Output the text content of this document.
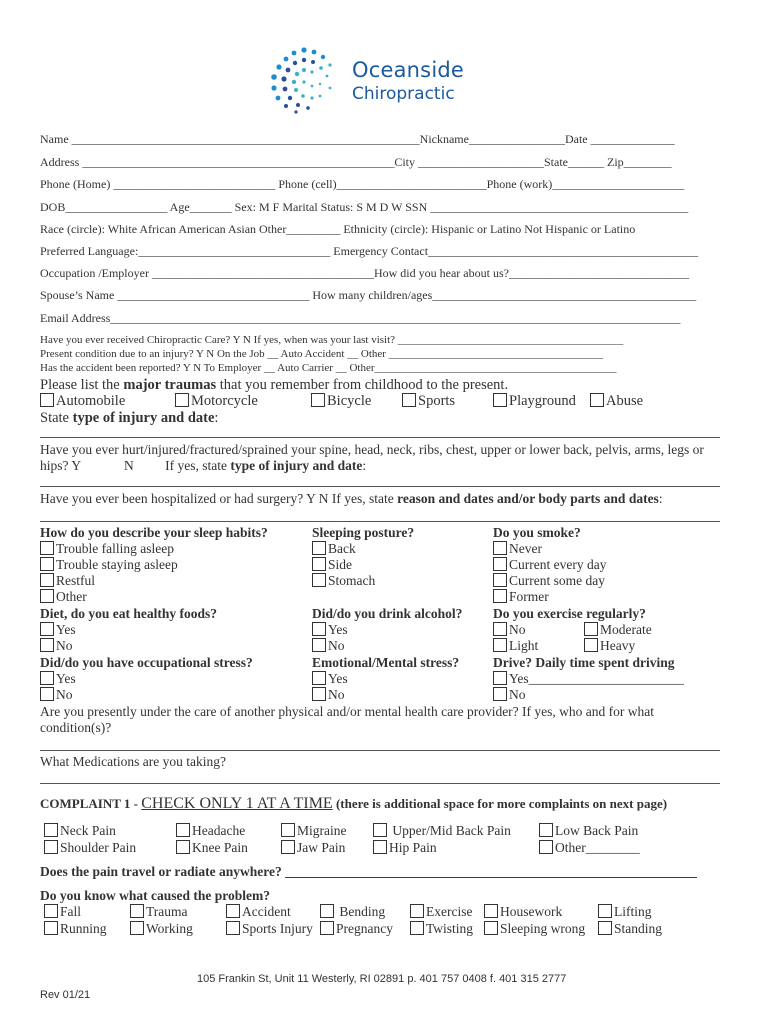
Oceanside
Chiropractic
Name __________________________________________________________Nickname________________Date ______________
Address ____________________________________________________City _____________________State______ Zip________
Phone (Home) ___________________________ Phone (cell)_________________________Phone (work)______________________
DOB_________________ Age_______ Sex: M F Marital Status: S M D W SSN ___________________________________________
Race (circle): White African American Asian Other_________ Ethnicity (circle): Hispanic or Latino Not Hispanic or Latino
Preferred Language:________________________________ Emergency Contact_____________________________________________
Occupation /Employer _____________________________________How did you hear about us?______________________________
Spouse’s Name ________________________________ How many children/ages____________________________________________
Email Address_______________________________________________________________________________________________
Have you ever received Chiropractic Care? Y N If yes, when was your last visit? _________________________________________
Present condition due to an injury? Y N On the Job __ Auto Accident __ Other _______________________________________
Has the accident been reported? Y N To Employer __ Auto Carrier __ Other____________________________________________
Please list the major traumas that you remember from childhood to the present.
Automobile	Motorcycle	Bicycle	Sports	Playground	Abuse
State type of injury and date:
Have you ever hurt/injured/fractured/sprained your spine, head, neck, ribs, chest, upper or lower back, pelvis, arms, legs or
hips? Y	N If yes, state type of injury and date:
Have you ever been hospitalized or had surgery? Y N If yes, state reason and dates and/or body parts and dates:
How do you describe your sleep habits?
Trouble falling asleep
Trouble staying asleep
Restful
Other
Sleeping posture?
Back
Side
Stomach
Do you smoke?
Never
Current every day
Current some day
Former
Diet, do you eat healthy foods?
Yes
No
Did/do you drink alcohol?
Yes
No
Do you exercise regularly?
No	Moderate
Light	Heavy
Did/do you have occupational stress?
Yes
No
Emotional/Mental stress?
Yes
No
Drive? Daily time spent driving
Yes_______________________
No
Are you presently under the care of another physical and/or mental health care provider? If yes, who and for what
condition(s)?
What Medications are you taking?
COMPLAINT 1 - CHECK ONLY 1 AT A TIME (there is additional space for more complaints on next page)
Neck Pain	Headache	Migraine	Upper/Mid Back Pain	Low Back Pain
Shoulder Pain	Knee Pain	Jaw Pain	Hip Pain	Other________
Does the pain travel or radiate anywhere? _____________________________________________________________
Do you know what caused the problem?
Fall	Trauma	Accident	Bending	Exercise	Housework	Lifting
Running	Working	Sports Injury	Pregnancy	Twisting	Sleeping wrong	Standing
105 Frankin St, Unit 11 Westerly, RI 02891 p. 401 757 0408 f. 401 315 2777
Rev 01/21
